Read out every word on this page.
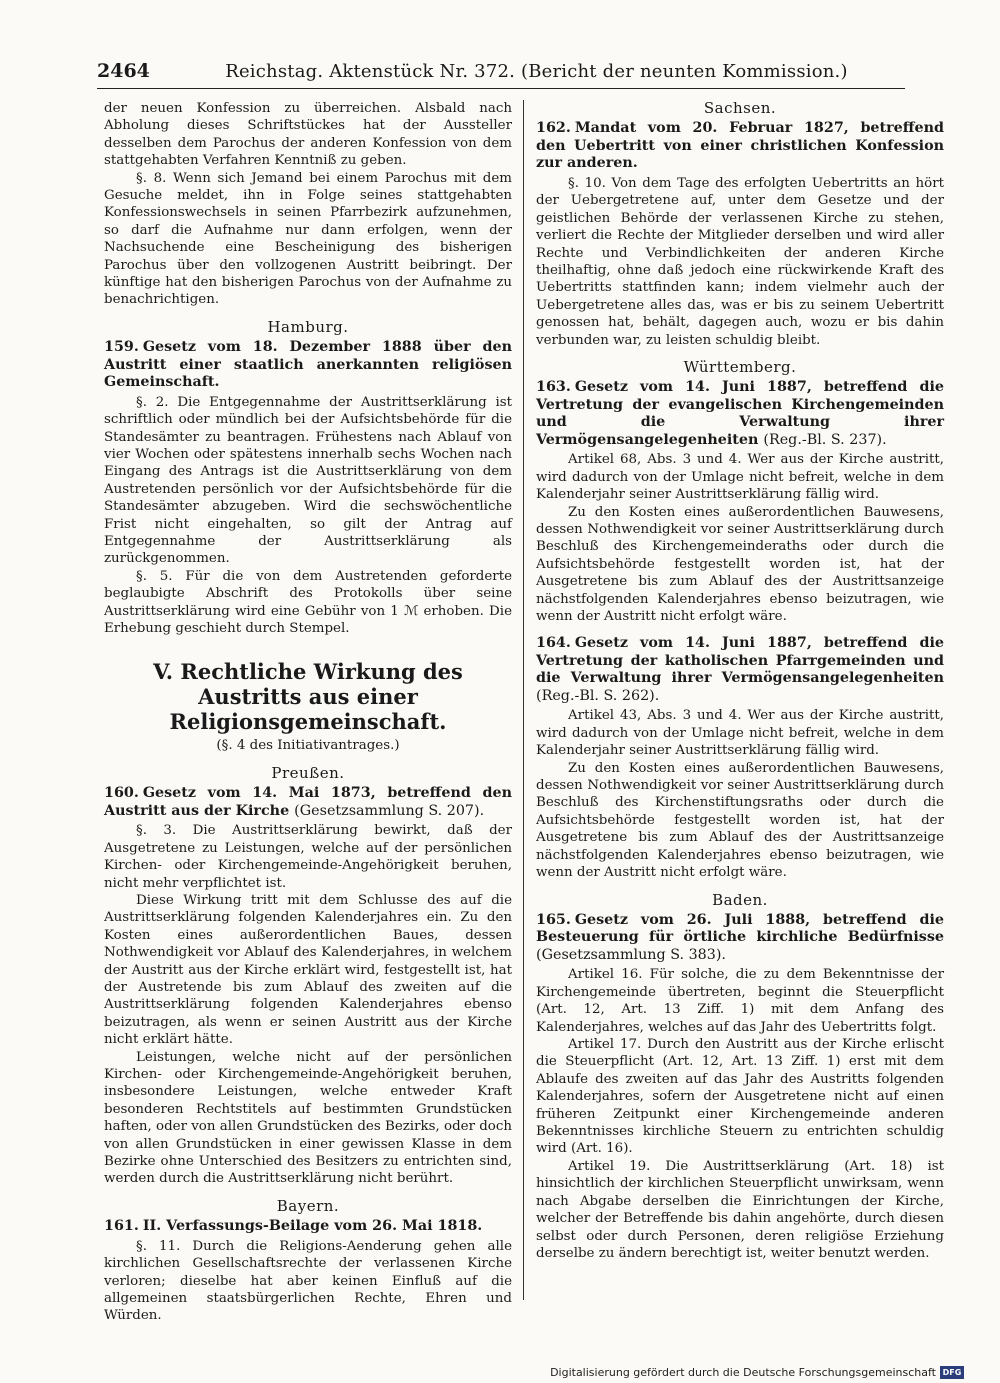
2464	Reichstag. Aktenstück Nr. 372. (Bericht der neunten Kommission.)

der neuen Konfession zu überreichen. Alsbald nach Abholung dieses Schriftstückes hat der Aussteller desselben dem Parochus der anderen Konfession von dem stattgehabten Verfahren Kenntniß zu geben.

§. 8. Wenn sich Jemand bei einem Parochus mit dem Gesuche meldet, ihn in Folge seines stattgehabten Konfessionswechsels in seinen Pfarrbezirk aufzunehmen, so darf die Aufnahme nur dann erfolgen, wenn der Nachsuchende eine Bescheinigung des bisherigen Parochus über den vollzogenen Austritt beibringt. Der künftige hat den bisherigen Parochus von der Aufnahme zu benachrichtigen.

Hamburg.
159. Gesetz vom 18. Dezember 1888 über den Austritt einer staatlich anerkannten religiösen Gemeinschaft.

§. 2. Die Entgegennahme der Austrittserklärung ist schriftlich oder mündlich bei der Aufsichtsbehörde für die Standesämter zu beantragen. Frühestens nach Ablauf von vier Wochen oder spätestens innerhalb sechs Wochen nach Eingang des Antrags ist die Austrittserklärung von dem Austretenden persönlich vor der Aufsichtsbehörde für die Standesämter abzugeben. Wird die sechswöchentliche Frist nicht eingehalten, so gilt der Antrag auf Entgegennahme der Austrittserklärung als zurückgenommen.

§. 5. Für die von dem Austretenden geforderte beglaubigte Abschrift des Protokolls über seine Austrittserklärung wird eine Gebühr von 1 ℳ erhoben. Die Erhebung geschieht durch Stempel.

V. Rechtliche Wirkung des Austritts aus einer Religionsgemeinschaft.
(§. 4 des Initiativantrages.)
Preußen.
160. Gesetz vom 14. Mai 1873, betreffend den Austritt aus der Kirche (Gesetzsammlung S. 207).

§. 3. Die Austrittserklärung bewirkt, daß der Ausgetretene zu Leistungen, welche auf der persönlichen Kirchen- oder Kirchengemeinde-Angehörigkeit beruhen, nicht mehr verpflichtet ist.

Diese Wirkung tritt mit dem Schlusse des auf die Austrittserklärung folgenden Kalenderjahres ein. Zu den Kosten eines außerordentlichen Baues, dessen Nothwendigkeit vor Ablauf des Kalenderjahres, in welchem der Austritt aus der Kirche erklärt wird, festgestellt ist, hat der Austretende bis zum Ablauf des zweiten auf die Austrittserklärung folgenden Kalenderjahres ebenso beizutragen, als wenn er seinen Austritt aus der Kirche nicht erklärt hätte.

Leistungen, welche nicht auf der persönlichen Kirchen- oder Kirchengemeinde-Angehörigkeit beruhen, insbesondere Leistungen, welche entweder Kraft besonderen Rechtstitels auf bestimmten Grundstücken haften, oder von allen Grundstücken des Bezirks, oder doch von allen Grundstücken in einer gewissen Klasse in dem Bezirke ohne Unterschied des Besitzers zu entrichten sind, werden durch die Austrittserklärung nicht berührt.

Bayern.
161. II. Verfassungs-Beilage vom 26. Mai 1818.

§. 11. Durch die Religions-Aenderung gehen alle kirchlichen Gesellschaftsrechte der verlassenen Kirche verloren; dieselbe hat aber keinen Einfluß auf die allgemeinen staatsbürgerlichen Rechte, Ehren und Würden.

Sachsen.
162. Mandat vom 20. Februar 1827, betreffend den Uebertritt von einer christlichen Konfession zur anderen.

§. 10. Von dem Tage des erfolgten Uebertritts an hört der Uebergetretene auf, unter dem Gesetze und der geistlichen Behörde der verlassenen Kirche zu stehen, verliert die Rechte der Mitglieder derselben und wird aller Rechte und Verbindlichkeiten der anderen Kirche theilhaftig, ohne daß jedoch eine rückwirkende Kraft des Uebertritts stattfinden kann; indem vielmehr auch der Uebergetretene alles das, was er bis zu seinem Uebertritt genossen hat, behält, dagegen auch, wozu er bis dahin verbunden war, zu leisten schuldig bleibt.

Württemberg.
163. Gesetz vom 14. Juni 1887, betreffend die Vertretung der evangelischen Kirchengemeinden und die Verwaltung ihrer Vermögensangelegenheiten (Reg.-Bl. S. 237).

Artikel 68, Abs. 3 und 4. Wer aus der Kirche austritt, wird dadurch von der Umlage nicht befreit, welche in dem Kalenderjahr seiner Austrittserklärung fällig wird.

Zu den Kosten eines außerordentlichen Bauwesens, dessen Nothwendigkeit vor seiner Austrittserklärung durch Beschluß des Kirchengemeinderaths oder durch die Aufsichtsbehörde festgestellt worden ist, hat der Ausgetretene bis zum Ablauf des der Austrittsanzeige nächstfolgenden Kalenderjahres ebenso beizutragen, wie wenn der Austritt nicht erfolgt wäre.

164. Gesetz vom 14. Juni 1887, betreffend die Vertretung der katholischen Pfarrgemeinden und die Verwaltung ihrer Vermögensangelegenheiten (Reg.-Bl. S. 262).

Artikel 43, Abs. 3 und 4. Wer aus der Kirche austritt, wird dadurch von der Umlage nicht befreit, welche in dem Kalenderjahr seiner Austrittserklärung fällig wird.

Zu den Kosten eines außerordentlichen Bauwesens, dessen Nothwendigkeit vor seiner Austrittserklärung durch Beschluß des Kirchenstiftungsraths oder durch die Aufsichtsbehörde festgestellt worden ist, hat der Ausgetretene bis zum Ablauf des der Austrittsanzeige nächstfolgenden Kalenderjahres ebenso beizutragen, wie wenn der Austritt nicht erfolgt wäre.

Baden.
165. Gesetz vom 26. Juli 1888, betreffend die Besteuerung für örtliche kirchliche Bedürfnisse (Gesetzsammlung S. 383).

Artikel 16. Für solche, die zu dem Bekenntnisse der Kirchengemeinde übertreten, beginnt die Steuerpflicht (Art. 12, Art. 13 Ziff. 1) mit dem Anfang des Kalenderjahres, welches auf das Jahr des Uebertritts folgt.

Artikel 17. Durch den Austritt aus der Kirche erlischt die Steuerpflicht (Art. 12, Art. 13 Ziff. 1) erst mit dem Ablaufe des zweiten auf das Jahr des Austritts folgenden Kalenderjahres, sofern der Ausgetretene nicht auf einen früheren Zeitpunkt einer Kirchengemeinde anderen Bekenntnisses kirchliche Steuern zu entrichten schuldig wird (Art. 16).

Artikel 19. Die Austrittserklärung (Art. 18) ist hinsichtlich der kirchlichen Steuerpflicht unwirksam, wenn nach Abgabe derselben die Einrichtungen der Kirche, welcher der Betreffende bis dahin angehörte, durch diesen selbst oder durch Personen, deren religiöse Erziehung derselbe zu ändern berechtigt ist, weiter benutzt werden.

Digitalisierung gefördert durch die Deutsche Forschungsgemeinschaft DFG
